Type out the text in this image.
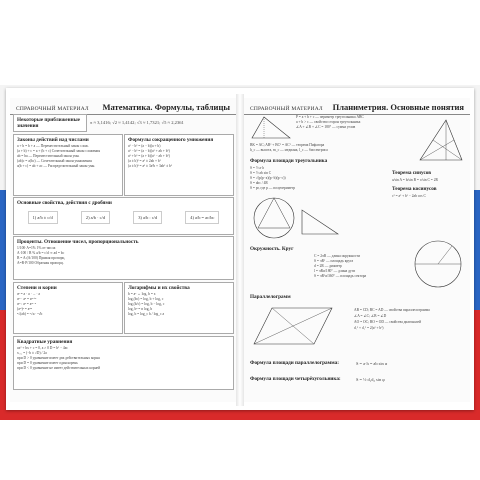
СПРАВОЧНЫЙ МАТЕРИАЛ Математика. Формулы, таблицы
Некоторые приближенные значения
π ≈ 3,1416; √2 ≈ 1,4142; √3 ≈ 1,7321; √5 ≈ 2,2361
Законы действий над числами
a + b = b + a — Переместительный закон слож.
(a + b) + c = a + (b + c) Сочетательный закон сложения
ab = ba — Переместительный закон умн.
(ab)c = a(bc) — Сочетательный закон умножения
a(b + c) = ab + ac — Распределительный закон умн.
Формулы сокращенного умножения
a² − b² = (a − b)(a + b)
a³ − b³ = (a − b)(a² + ab + b²)
a³ + b³ = (a + b)(a² − ab + b²)
(a ± b)² = a² ± 2ab + b²
(a ± b)³ = a³ ± 3a²b + 3ab² ± b³
Основные свойства, действия с дробями
1) a/b ± c/d	2) a/b · c/d	3) a/b : c/d	4) a/b = ac/bc
Проценты. Отношение чисел, пропорциональность
1/100·A=1% 1% от числа
A·100 / B % a/b = c/d ⇒ ad = bc
B = A:(A/100) Прямая пропорц.
A=B·P/100 Обратная пропорц.
Степени и корни
aⁿ = a · a · ... · a
aᵐ · aⁿ = aᵐ⁺ⁿ
aᵐ : aⁿ = aᵐ⁻ⁿ
(aᵐ)ⁿ = aᵐⁿ
ⁿ√(ab) = ⁿ√a · ⁿ√b
Логарифмы и их свойства
b = aˣ ⇔ logₐ b = x
logₐ(bc) = logₐ b + logₐ c
logₐ(b/c) = logₐ b − logₐ c
logₐ bⁿ = n logₐ b
logₐ b = log_c b / log_c a
Квадратные уравнения
ax² + bx + c = 0, a ≠ 0 D = b² − 4ac
x₁,₂ = (−b ± √D) / 2a
при D > 0 уравнение имеет два действительных корня
при D = 0 уравнение имеет один корень
при D < 0 уравнение не имеет действительных корней
СПРАВОЧНЫЙ МАТЕРИАЛ Планиметрия. Основные понятия
P = a + b + c — периметр треугольника ABC
a + b > c — свойство сторон треугольника
∠A + ∠B + ∠C = 180° — сумма углов
BK = AC; AB² + BC² = AC² — теорема Пифагора
h_c — высота, m_c — медиана, l_c — биссектриса
Формула площади треугольника
S = ½ a·h
S = ½ ab sin C
S = √(p(p−a)(p−b)(p−c))
S = abc / 4R
S = pr, где p — полупериметр
Теорема синусов
a/sin A = b/sin B = c/sin C = 2R
Теорема косинусов
c² = a² + b² − 2ab cos C
Окружность. Круг
C = 2πR — длина окружности
S = πR² — площадь круга
d = 2R — диаметр
l = πRα/180° — длина дуги
S = πR²α/360° — площадь сектора
Параллелограмм
AB = CD; BC = AD — свойства параллелограмма
∠A = ∠C; ∠B = ∠D
AO = OC; BO = OD — свойства диагоналей
d₁² + d₂² = 2(a² + b²)
Формула площади параллелограмма:	S = a·h = ab sin α
Формула площади четырёхугольника:	S = ½ d₁d₂ sin φ
